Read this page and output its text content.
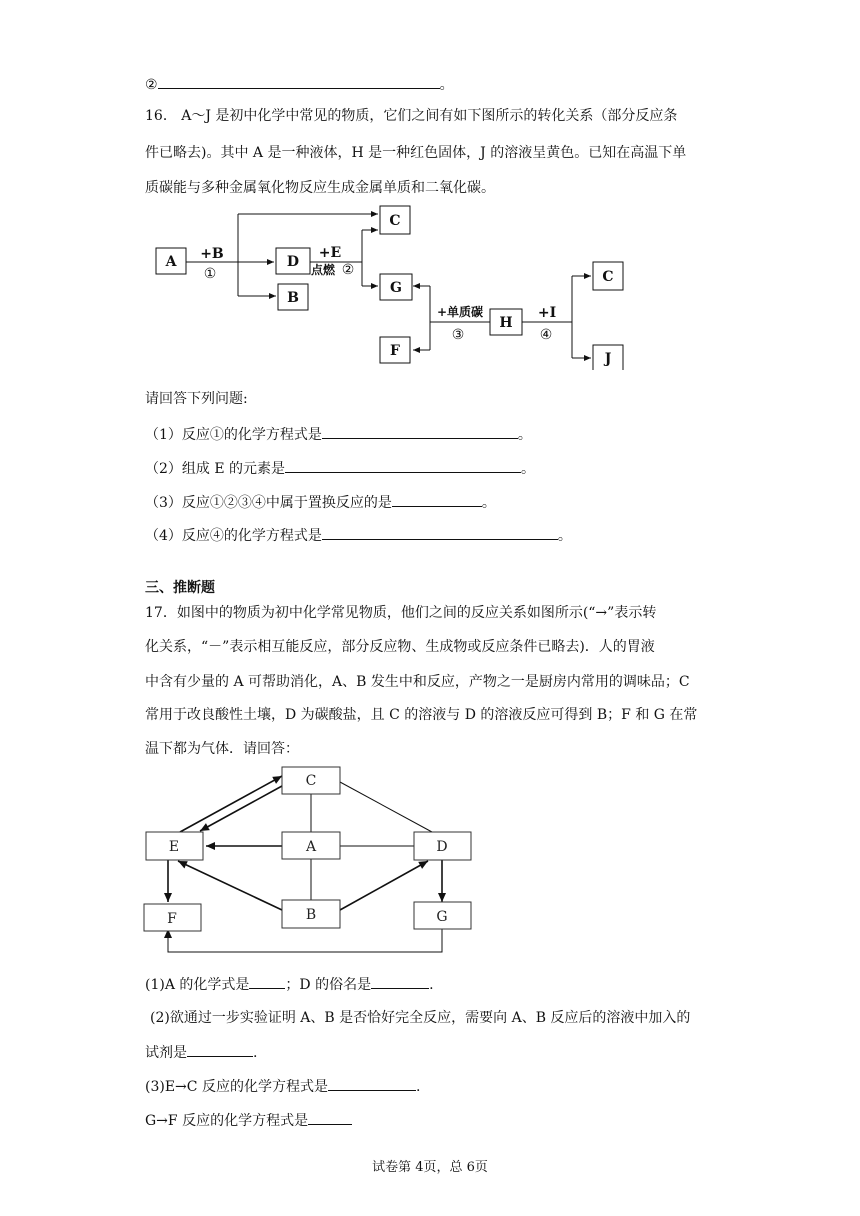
②	。
16． A～J 是初中化学中常见的物质，它们之间有如下图所示的转化关系（部分反应条
件已略去)。其中 A 是一种液体，H 是一种红色固体，J 的溶液呈黄色。已知在高温下单
质碳能与多种金属氧化物反应生成金属单质和二氧化碳。
A	D
B
C
G
F
H
C
J
+B
①
+E
点燃 ②
+单质碳
③
+I
④
请回答下列问题:
（1）反应①的化学方程式是	。
（2）组成 E 的元素是	。
（3）反应①②③④中属于置换反应的是	。
（4）反应④的化学方程式是	。
三、推断题
17．如图中的物质为初中化学常见物质，他们之间的反应关系如图所示(“→”表示转
化关系，“－”表示相互能反应，部分反应物、生成物或反应条件已略去)．人的胃液
中含有少量的 A 可帮助消化，A、B 发生中和反应，产物之一是厨房内常用的调味品；C
常用于改良酸性土壤，D 为碳酸盐，且 C 的溶液与 D 的溶液反应可得到 B；F 和 G 在常
温下都为气体．请回答：
C
E	A	D
F	B	G
(1)A 的化学式是	；D 的俗名是	.
(2)欲通过一步实验证明 A、B 是否恰好完全反应，需要向 A、B 反应后的溶液中加入的
试剂是	.
(3)E→C 反应的化学方程式是	.
G→F 反应的化学方程式是
试卷第 4页，总 6页
